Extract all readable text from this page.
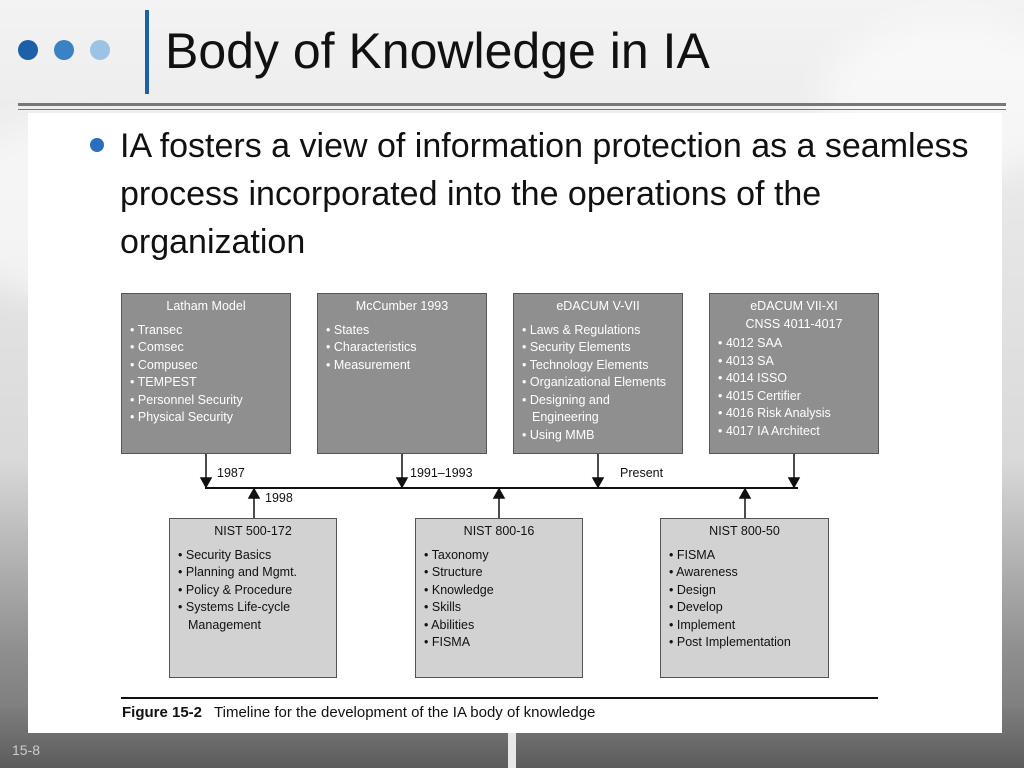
Body of Knowledge in IA
IA fosters a view of information protection as a seamless process incorporated into the operations of the organization
Latham Model
• Transec
• Comsec
• Compusec
• TEMPEST
• Personnel Security
• Physical Security
McCumber 1993
• States
• Characteristics
• Measurement
eDACUM V-VII
• Laws & Regulations
• Security Elements
• Technology Elements
• Organizational Elements
• Designing and Engineering
• Using MMB
eDACUM VII-XI
CNSS 4011-4017
• 4012 SAA
• 4013 SA
• 4014 ISSO
• 4015 Certifier
• 4016 Risk Analysis
• 4017 IA Architect
1987	1991–1993	Present
1998
NIST 500-172
• Security Basics
• Planning and Mgmt.
• Policy & Procedure
• Systems Life-cycle Management
NIST 800-16
• Taxonomy
• Structure
• Knowledge
• Skills
• Abilities
• FISMA
NIST 800-50
• FISMA
• Awareness
• Design
• Develop
• Implement
• Post Implementation
Figure 15-2 Timeline for the development of the IA body of knowledge
15-8
